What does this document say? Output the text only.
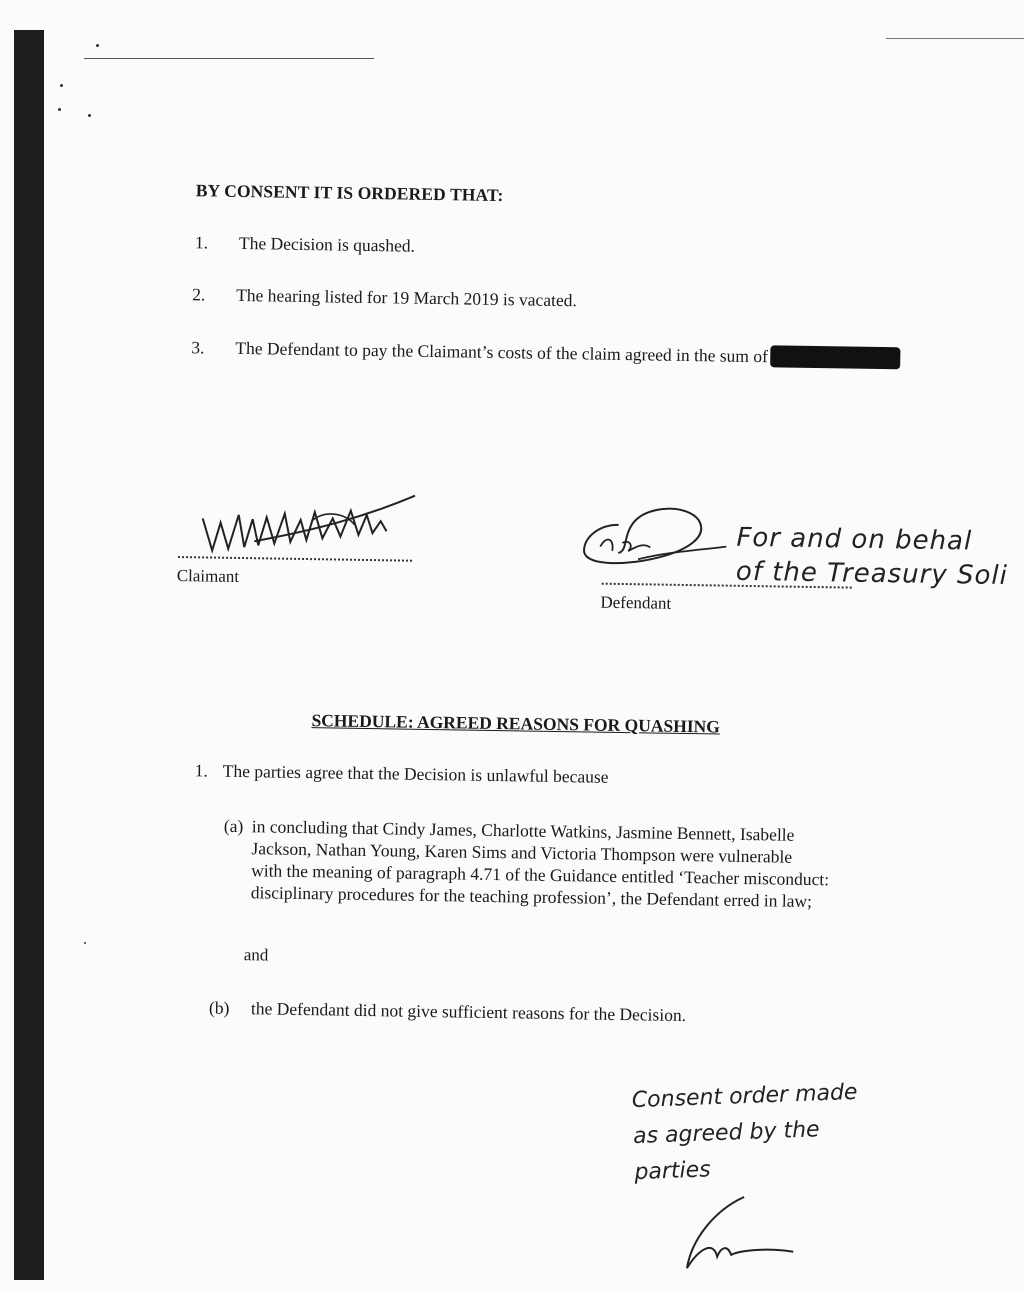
BY CONSENT IT IS ORDERED THAT:
1. The Decision is quashed.
2. The hearing listed for 19 March 2019 is vacated.
3. The Defendant to pay the Claimant’s costs of the claim agreed in the sum of
Claimant
Defendant
For and on behal
of the Treasury Soli
SCHEDULE: AGREED REASONS FOR QUASHING
1. The parties agree that the Decision is unlawful because
(a) in concluding that Cindy James, Charlotte Watkins, Jasmine Bennett, Isabelle
Jackson, Nathan Young, Karen Sims and Victoria Thompson were vulnerable
with the meaning of paragraph 4.71 of the Guidance entitled ‘Teacher misconduct:
disciplinary procedures for the teaching profession’, the Defendant erred in law;
and
(b) the Defendant did not give sufficient reasons for the Decision.
Consent order made
as agreed by the
parties
